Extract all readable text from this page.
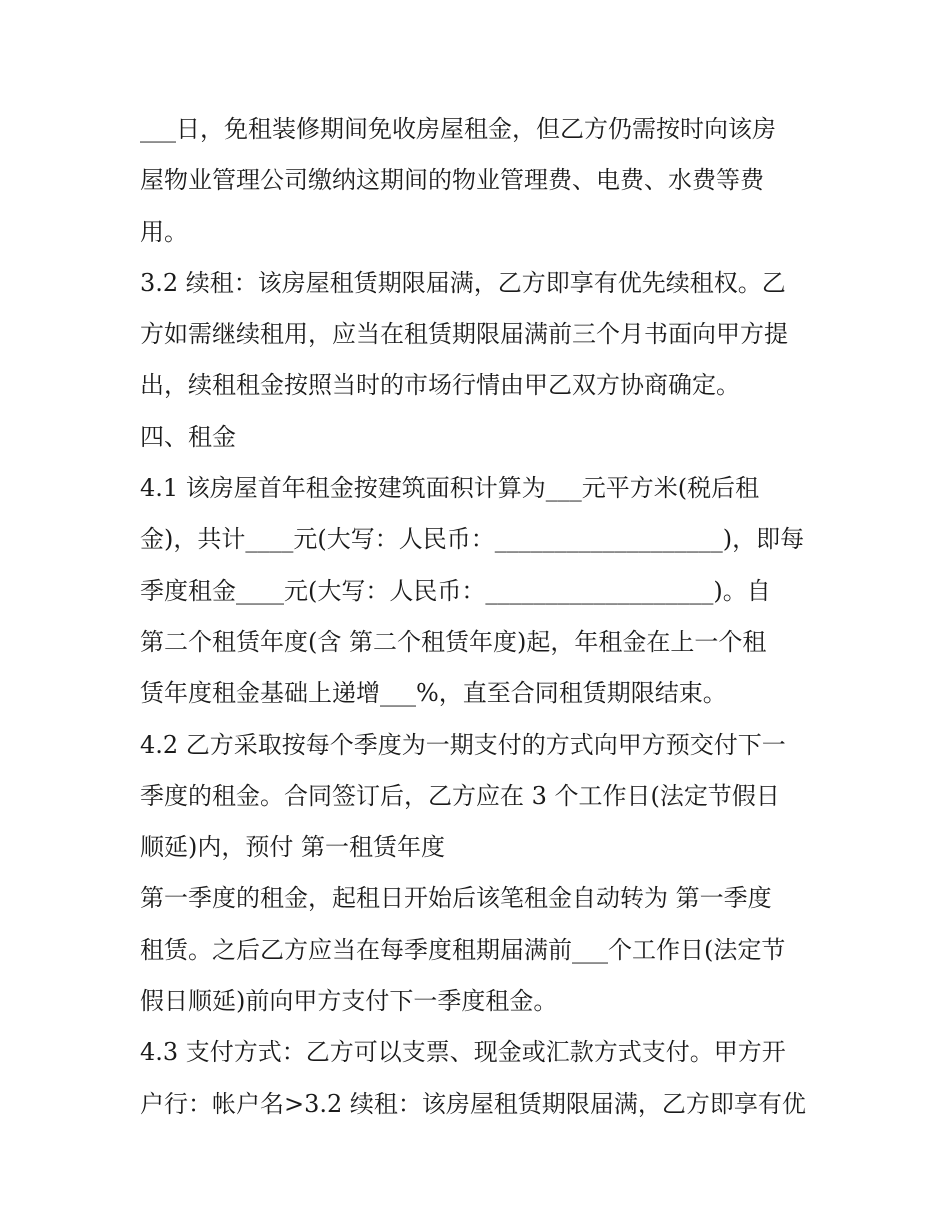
___日，免租装修期间免收房屋租金，但乙方仍需按时向该房
屋物业管理公司缴纳这期间的物业管理费、电费、水费等费
用。
3.2 续租：该房屋租赁期限届满，乙方即享有优先续租权。乙
方如需继续租用，应当在租赁期限届满前三个月书面向甲方提
出，续租租金按照当时的市场行情由甲乙双方协商确定。
四、租金
4.1 该房屋首年租金按建筑面积计算为___元平方米(税后租
金)，共计____元(大写：人民币：___________________)，即每
季度租金____元(大写：人民币：___________________)。自
第二个租赁年度(含 第二个租赁年度)起，年租金在上一个租
赁年度租金基础上递增___%，直至合同租赁期限结束。
4.2 乙方采取按每个季度为一期支付的方式向甲方预交付下一
季度的租金。合同签订后，乙方应在 3 个工作日(法定节假日
顺延)内，预付 第一租赁年度
第一季度的租金，起租日开始后该笔租金自动转为 第一季度
租赁。之后乙方应当在每季度租期届满前___个工作日(法定节
假日顺延)前向甲方支付下一季度租金。
4.3 支付方式：乙方可以支票、现金或汇款方式支付。甲方开
户行：帐户名>3.2 续租：该房屋租赁期限届满，乙方即享有优
